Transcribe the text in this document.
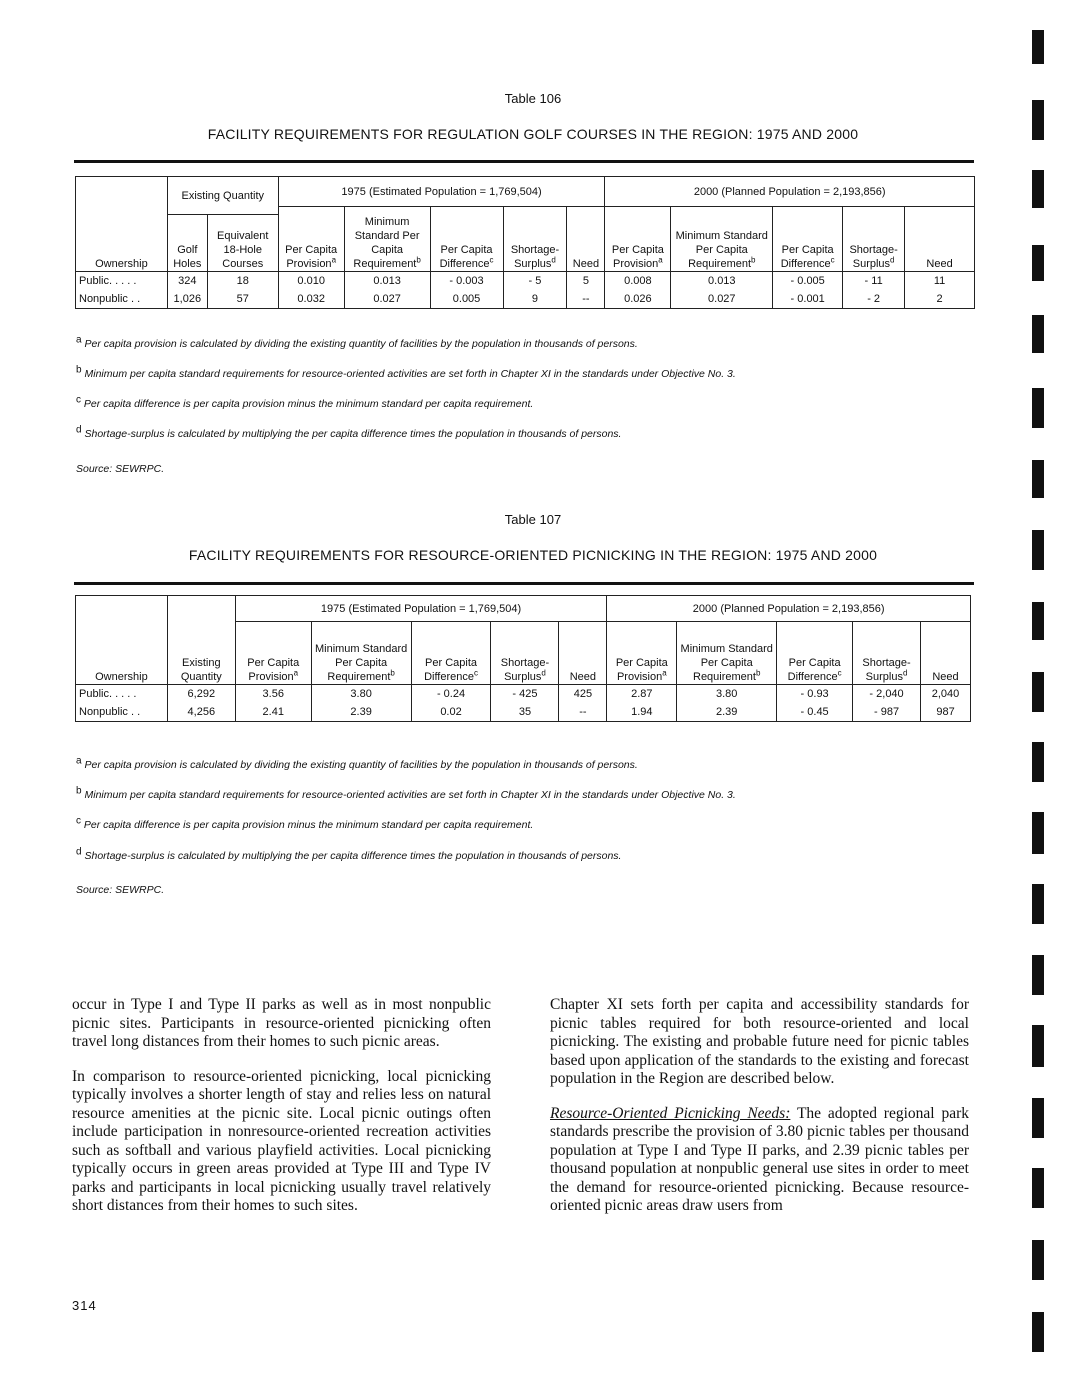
Table 106
FACILITY REQUIREMENTS FOR REGULATION GOLF COURSES IN THE REGION: 1975 AND 2000
Ownership	Existing Quantity		1975 (Estimated Population = 1,769,504)					2000 (Planned Population = 2,193,856)				
			Per Capita Provision$^a$	Minimum Standard Per Capita Requirement$^b$	Per Capita Difference$^c$	Shortage-Surplus$^d$	Need	Per Capita Provision$^a$	Minimum Standard Per Capita Requirement$^b$	Per Capita Difference$^c$	Shortage-Surplus$^d$	Need
	Golf Holes	Equivalent 18-Hole Courses										
Public. . . . .	324	18	0.010	0.013	- 0.003	- 5	5	0.008	0.013	- 0.005	- 11	11
Nonpublic . .	1,026	57	0.032	0.027	0.005	9	--	0.026	0.027	- 0.001	- 2	2
$^a$ Per capita provision is calculated by dividing the existing quantity of facilities by the population in thousands of persons.
$^b$ Minimum per capita standard requirements for resource-oriented activities are set forth in Chapter XI in the standards under Objective No. 3.
$^c$ Per capita difference is per capita provision minus the minimum standard per capita requirement.
$^d$ Shortage-surplus is calculated by multiplying the per capita difference times the population in thousands of persons.
Source: SEWRPC.
Table 107
FACILITY REQUIREMENTS FOR RESOURCE-ORIENTED PICNICKING IN THE REGION: 1975 AND 2000
Ownership	Existing Quantity	1975 (Estimated Population = 1,769,504)					2000 (Planned Population = 2,193,856)				
		Per Capita Provision$^a$	Minimum Standard Per Capita Requirement$^b$	Per Capita Difference$^c$	Shortage-Surplus$^d$	Need	Per Capita Provision$^a$	Minimum Standard Per Capita Requirement$^b$	Per Capita Difference$^c$	Shortage-Surplus$^d$	Need
Public. . . . .	6,292	3.56	3.80	- 0.24	- 425	425	2.87	3.80	- 0.93	- 2,040	2,040
Nonpublic . .	4,256	2.41	2.39	0.02	35	--	1.94	2.39	- 0.45	- 987	987
$^a$ Per capita provision is calculated by dividing the existing quantity of facilities by the population in thousands of persons.
$^b$ Minimum per capita standard requirements for resource-oriented activities are set forth in Chapter XI in the standards under Objective No. 3.
$^c$ Per capita difference is per capita provision minus the minimum standard per capita requirement.
$^d$ Shortage-surplus is calculated by multiplying the per capita difference times the population in thousands of persons.
Source: SEWRPC.

occur in Type I and Type II parks as well as in most nonpublic picnic sites. Participants in resource-oriented picnicking often travel long distances from their homes to such picnic areas.

In comparison to resource-oriented picnicking, local picnicking typically involves a shorter length of stay and relies less on natural resource amenities at the picnic site. Local picnic outings often include participation in nonresource-oriented recreation activities such as softball and various playfield activities. Local picnicking typically occurs in green areas provided at Type III and Type IV parks and participants in local picnicking usually travel relatively short distances from their homes to such sites.

Chapter XI sets forth per capita and accessibility standards for picnic tables required for both resource-oriented and local picnicking. The existing and probable future need for picnic tables based upon application of the standards to the existing and forecast population in the Region are described below.

Resource-Oriented Picnicking Needs: The adopted regional park standards prescribe the provision of 3.80 picnic tables per thousand population at Type I and Type II parks, and 2.39 picnic tables per thousand population at nonpublic general use sites in order to meet the demand for resource-oriented picnicking. Because resource-oriented picnic areas draw users from

314
